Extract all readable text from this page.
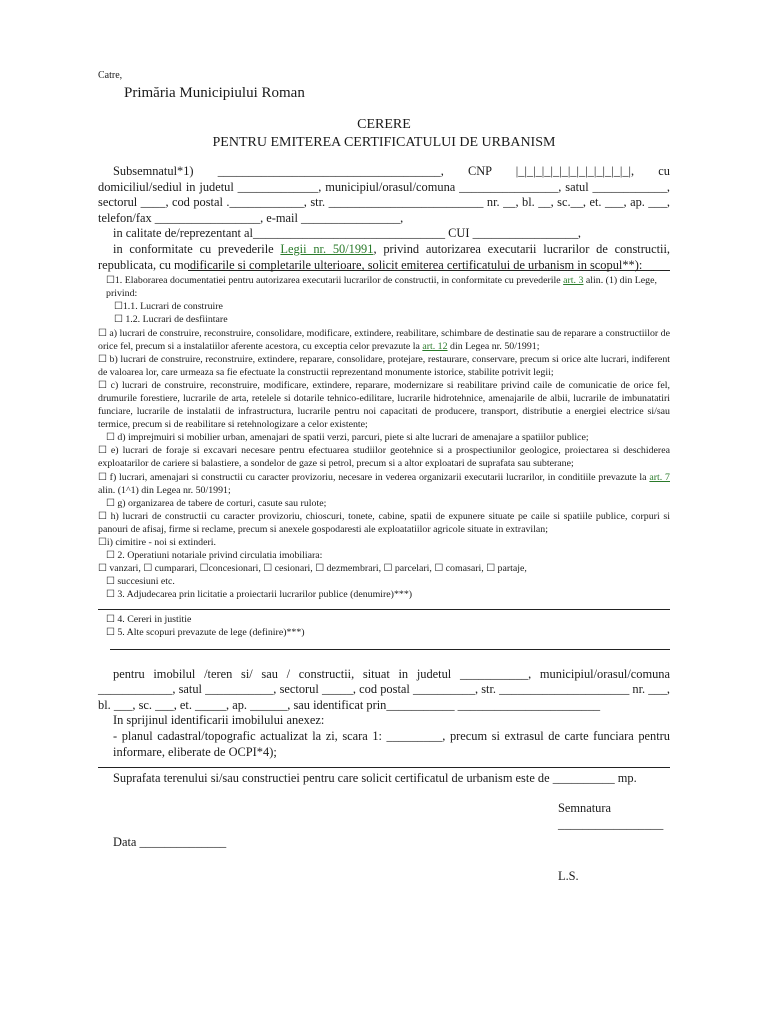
Catre,

Primăria Municipiului Roman

CERERE
PENTRU EMITEREA CERTIFICATULUI DE URBANISM

Subsemnatul*1) ____________________________________, CNP |_|_|_|_|_|_|_|_|_|_|_|_|_|, cu domiciliul/sediul in judetul _____________, municipiul/orasul/comuna ________________, satul ____________, sectorul ____, cod postal .____________, str. _________________________ nr. __, bl. __, sc.__, et. ___, ap. ___, telefon/fax _________________, e-mail ________________,

in calitate de/reprezentant al_______________________________ CUI _________________,

in conformitate cu prevederile Legii nr. 50/1991, privind autorizarea executarii lucrarilor de constructii, republicata, cu modificarile si completarile ulterioare, solicit emiterea certificatului de urbanism in scopul**):

☐1. Elaborarea documentatiei pentru autorizarea executarii lucrarilor de constructii, in conformitate cu prevederile art. 3 alin. (1) din Lege, privind:

☐1.1. Lucrari de construire

☐ 1.2. Lucrari de desfiintare

☐ a) lucrari de construire, reconstruire, consolidare, modificare, extindere, reabilitare, schimbare de destinatie sau de reparare a constructiilor de orice fel, precum si a instalatiilor aferente acestora, cu exceptia celor prevazute la art. 12 din Legea nr. 50/1991;

☐ b) lucrari de construire, reconstruire, extindere, reparare, consolidare, protejare, restaurare, conservare, precum si orice alte lucrari, indiferent de valoarea lor, care urmeaza sa fie efectuate la constructii reprezentand monumente istorice, stabilite potrivit legii;

☐ c) lucrari de construire, reconstruire, modificare, extindere, reparare, modernizare si reabilitare privind caile de comunicatie de orice fel, drumurile forestiere, lucrarile de arta, retelele si dotarile tehnico-edilitare, lucrarile hidrotehnice, amenajarile de albii, lucrarile de imbunatatiri funciare, lucrarile de instalatii de infrastructura, lucrarile pentru noi capacitati de producere, transport, distributie a energiei electrice si/sau termice, precum si de reabilitare si retehnologizare a celor existente;

☐ d) imprejmuiri si mobilier urban, amenajari de spatii verzi, parcuri, piete si alte lucrari de amenajare a spatiilor publice;

☐ e) lucrari de foraje si excavari necesare pentru efectuarea studiilor geotehnice si a prospectiunilor geologice, proiectarea si deschiderea exploatarilor de cariere si balastiere, a sondelor de gaze si petrol, precum si a altor exploatari de suprafata sau subterane;

☐ f) lucrari, amenajari si constructii cu caracter provizoriu, necesare in vederea organizarii executarii lucrarilor, in conditiile prevazute la art. 7 alin. (1^1) din Legea nr. 50/1991;

☐ g) organizarea de tabere de corturi, casute sau rulote;

☐ h) lucrari de constructii cu caracter provizoriu, chioscuri, tonete, cabine, spatii de expunere situate pe caile si spatiile publice, corpuri si panouri de afisaj, firme si reclame, precum si anexele gospodaresti ale exploatatiilor agricole situate in extravilan;

☐i) cimitire - noi si extinderi.

☐ 2. Operatiuni notariale privind circulatia imobiliara:

☐ vanzari, ☐ cumparari, ☐concesionari, ☐ cesionari, ☐ dezmembrari, ☐ parcelari, ☐ comasari, ☐ partaje,

☐ succesiuni etc.

☐ 3. Adjudecarea prin licitatie a proiectarii lucrarilor publice (denumire)***)

☐ 4. Cereri in justitie

☐ 5. Alte scopuri prevazute de lege (definire)***)

pentru imobilul /teren si/ sau / constructii, situat in judetul ___________, municipiul/orasul/comuna ____________, satul ___________, sectorul _____, cod postal __________, str. _____________________ nr. ___, bl. ___, sc. ___, et. _____, ap. ______, sau identificat prin___________ _______________________

In sprijinul identificarii imobilului anexez:

- planul cadastral/topografic actualizat la zi, scara 1: _________, precum si extrasul de carte funciara pentru informare, eliberate de OCPI*4);

Suprafata terenului si/sau constructiei pentru care solicit certificatul de urbanism este de __________ mp.

Data ______________
Semnatura
_________________
L.S.
